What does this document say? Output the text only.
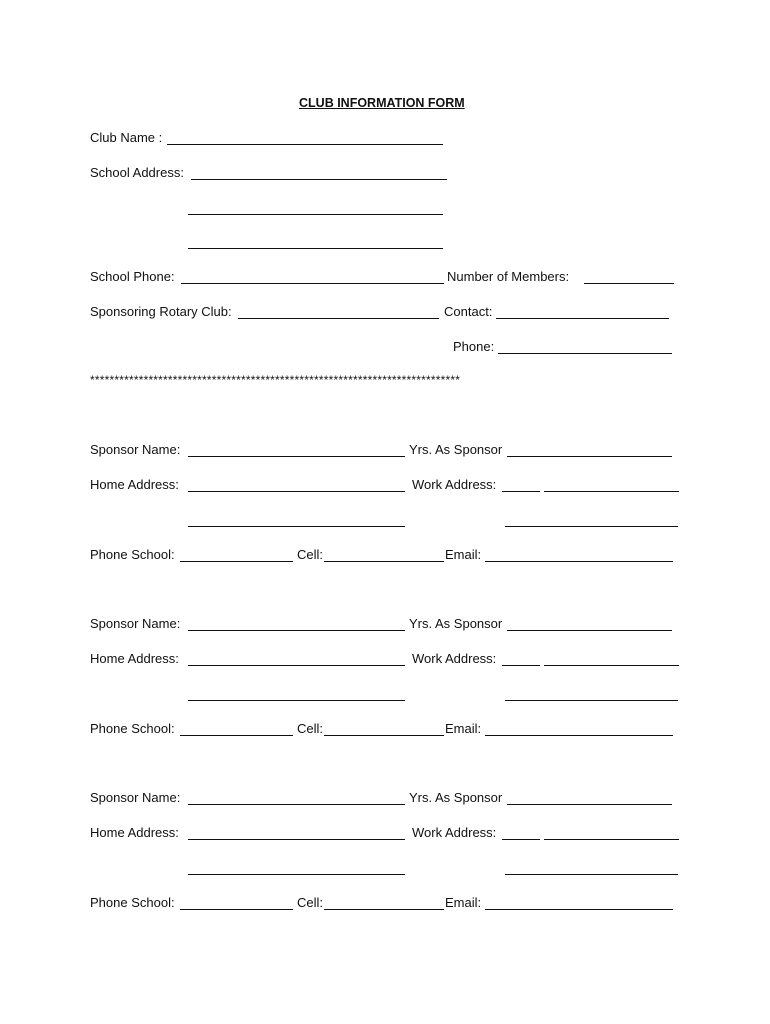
CLUB INFORMATION FORM
Club Name :
School Address:
School Phone:	Number of Members:
Sponsoring Rotary Club:	Contact:
Phone:
****************************************************************************
Sponsor Name:	Yrs. As Sponsor
Home Address:	Work Address:
Phone School:	Cell:	Email:
Sponsor Name:	Yrs. As Sponsor
Home Address:	Work Address:
Phone School:	Cell:	Email:
Sponsor Name:	Yrs. As Sponsor
Home Address:	Work Address:
Phone School:	Cell:	Email:
